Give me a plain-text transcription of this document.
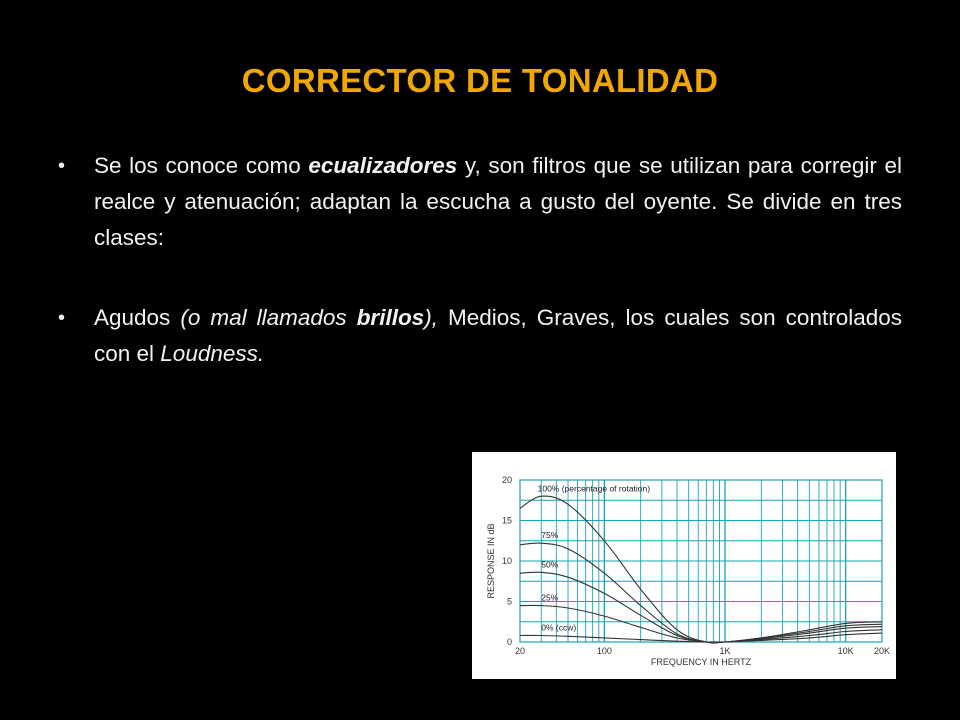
CORRECTOR DE TONALIDAD
• Se los conoce como ecualizadores y, son filtros que se utilizan para corregir el realce y atenuación; adaptan la escucha a gusto del oyente. Se divide en tres clases:
• Agudos (o mal llamados brillos), Medios, Graves, los cuales son controlados con el Loudness.
100% (percentage of rotation)
75%
50%
25%
0% (ccw)
0
5
10
15
20
20	100	1K	10K 20K
FREQUENCY IN HERTZ
RESPONSE IN dB
